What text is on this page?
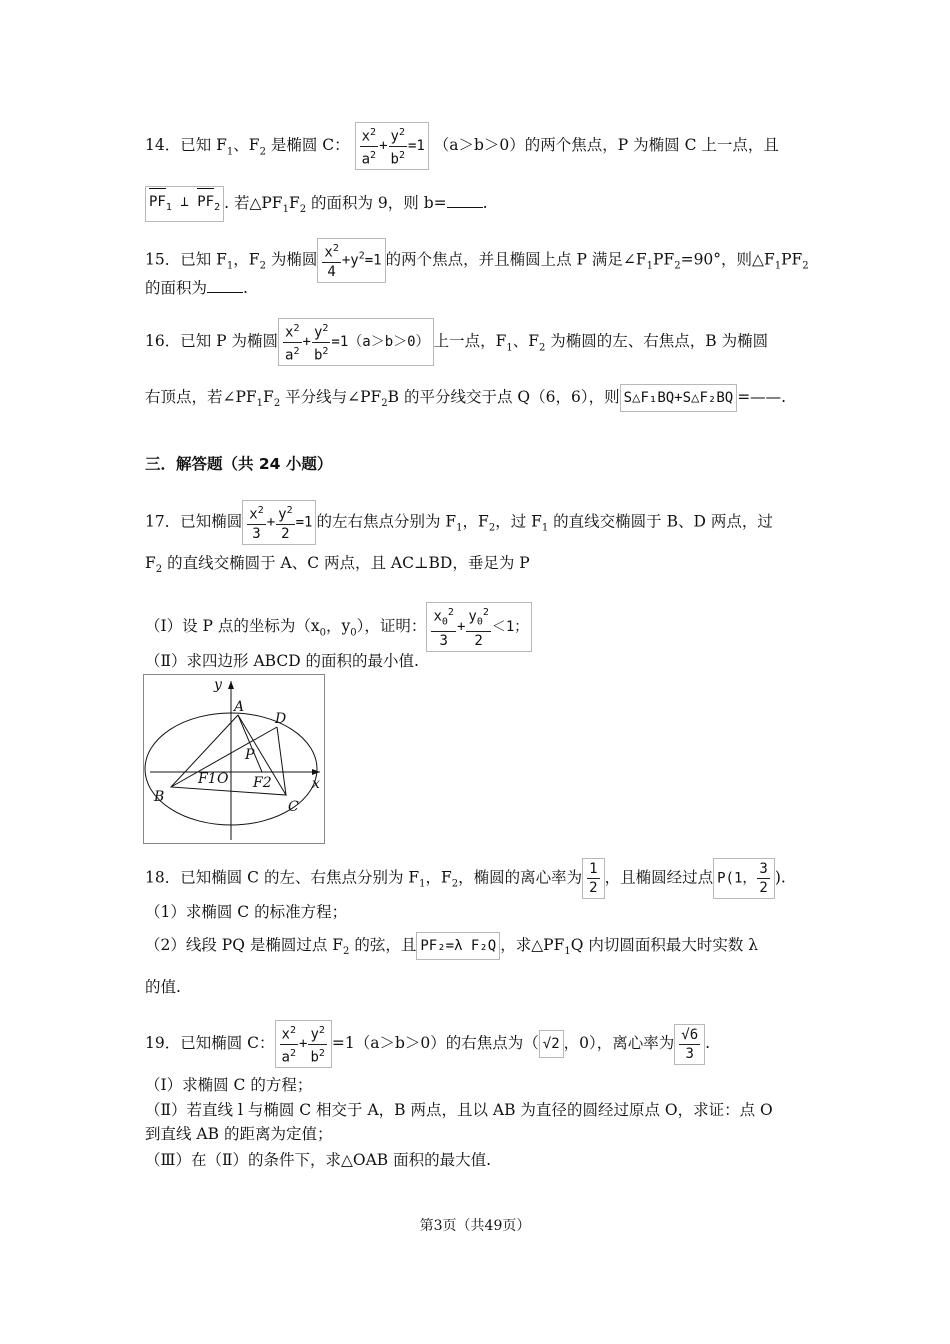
14．已知 $F_1$、$F_2$ 是椭圆 C： $\frac{x^2}{a^2} + \frac{y^2}{b^2} =1$ （a＞b＞0）的两个焦点，P 为椭圆 C 上一点，且
$PF_1$ ⊥ $PF_2$ . 若$\triangle PF_1F_2$ 的面积为 9，则 b= .
15．已知 $F_1$，$F_2$ 为椭圆 $\frac{x^2}{4} +y^2=1$ 的两个焦点，并且椭圆上点 P 满足$\angle F_1PF_2=90^\circ$，则$\triangle F_1PF_2$
的面积为 .
16．已知 P 为椭圆 $\frac{x^2}{a^2} + \frac{y^2}{b^2} =1(a>b>0)$ 上一点，$F_1$、$F_2$ 为椭圆的左、右焦点，B 为椭圆
右顶点，若$\angle PF_1F_2$ 平分线与$\angle PF_2B$ 的平分线交于点 Q（6，6），则 S△F₁BQ+S△F₂BQ =——.
三．解答题（共 24 小题）
17．已知椭圆 $\frac{x^2}{3} + \frac{y^2}{2} =1$ 的左右焦点分别为 $F_1$，$F_2$，过 $F_1$ 的直线交椭圆于 B、D 两点，过
$F_2$ 的直线交椭圆于 A、C 两点，且 AC⊥BD，垂足为 P
（Ⅰ）设 P 点的坐标为（$x_0$，$y_0$），证明： $\frac{x_0^2}{3} + \frac{y_0^2}{2} <1$；
（Ⅱ）求四边形 ABCD 的面积的最小值.
y
A
D
P
F1 O F2	x
B
C
18．已知椭圆 C 的左、右焦点分别为 $F_1$，$F_2$，椭圆的离心率为 $\frac{1}{2}$ ，且椭圆经过点 P(1， $\frac{3}{2}$ ).
（1）求椭圆 C 的标准方程；
（2）线段 PQ 是椭圆过点 $F_2$ 的弦，且 PF₂=λ F₂Q ，求$\triangle PF_1Q$ 内切圆面积最大时实数 λ
的值.
19．已知椭圆 C： $\frac{x^2}{a^2} + \frac{y^2}{b^2} =1(a>b>0)$的右焦点为（ √2 ，0），离心率为 $\frac{√6}{3}$ .
（Ⅰ）求椭圆 C 的方程；
（Ⅱ）若直线 l 与椭圆 C 相交于 A，B 两点，且以 AB 为直径的圆经过原点 O，求证：点 O
到直线 AB 的距离为定值；
（Ⅲ）在（Ⅱ）的条件下，求△OAB 面积的最大值.
第3页（共49页）
